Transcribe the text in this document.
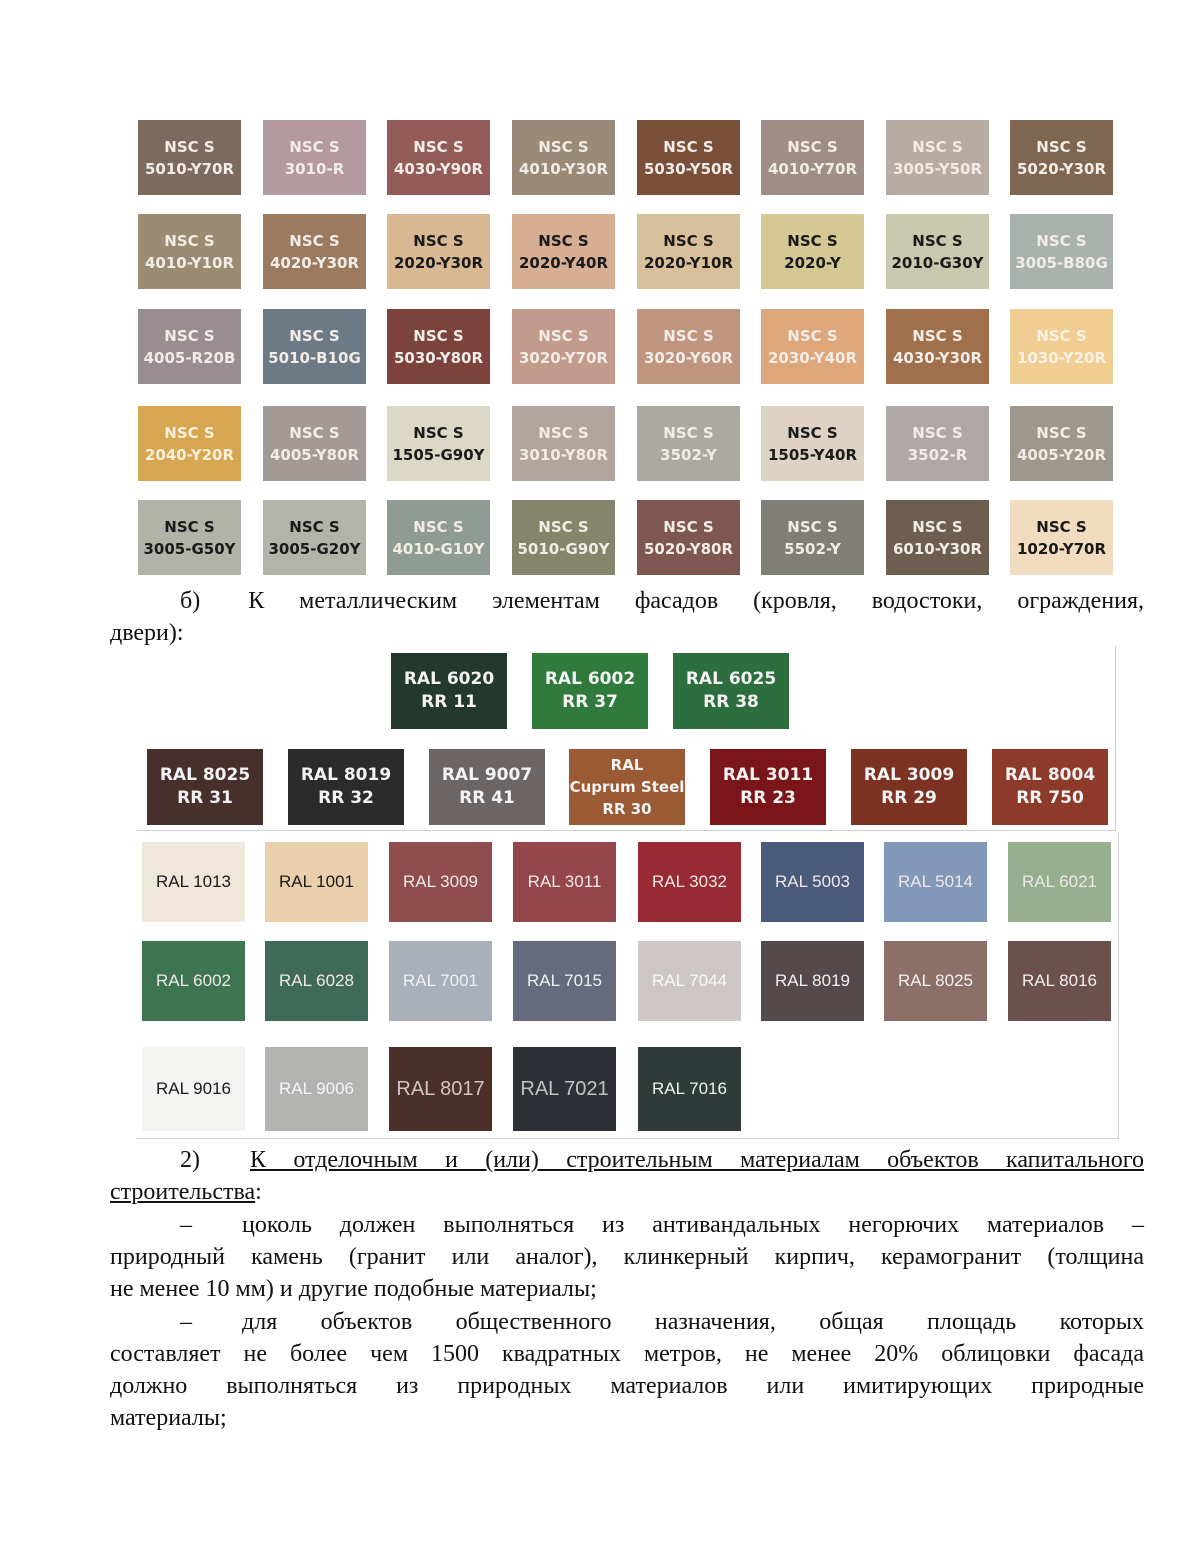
NSC S
5010-Y70R
NSC S
3010-R
NSC S
4030-Y90R
NSC S
4010-Y30R
NSC S
5030-Y50R
NSC S
4010-Y70R
NSC S
3005-Y50R
NSC S
5020-Y30R
NSC S
4010-Y10R
NSC S
4020-Y30R
NSC S
2020-Y30R
NSC S
2020-Y40R
NSC S
2020-Y10R
NSC S
2020-Y
NSC S
2010-G30Y
NSC S
3005-B80G
NSC S
4005-R20B
NSC S
5010-B10G
NSC S
5030-Y80R
NSC S
3020-Y70R
NSC S
3020-Y60R
NSC S
2030-Y40R
NSC S
4030-Y30R
NSC S
1030-Y20R
NSC S
2040-Y20R
NSC S
4005-Y80R
NSC S
1505-G90Y
NSC S
3010-Y80R
NSC S
3502-Y
NSC S
1505-Y40R
NSC S
3502-R
NSC S
4005-Y20R
NSC S
3005-G50Y
NSC S
3005-G20Y
NSC S
4010-G10Y
NSC S
5010-G90Y
NSC S
5020-Y80R
NSC S
5502-Y
NSC S
6010-Y30R
NSC S
1020-Y70R

б) К металлическим элементам фасадов (кровля, водостоки, ограждения,

двери):

RAL 6020
RR 11
RAL 6002
RR 37
RAL 6025
RR 38
RAL 8025
RR 31
RAL 8019
RR 32
RAL 9007
RR 41
RAL
Cuprum Steel
RR 30
RAL 3011
RR 23
RAL 3009
RR 29
RAL 8004
RR 750
RAL 1013	RAL 1001	RAL 3009	RAL 3011	RAL 3032	RAL 5003	RAL 5014	RAL 6021
RAL 6002	RAL 6028	RAL 7001	RAL 7015	RAL 7044	RAL 8019	RAL 8025	RAL 8016
RAL 9016	RAL 9006 RAL 8017 RAL 7021	RAL 7016

2) К отделочным и (или) строительным материалам объектов капитального

строительства:

– цоколь должен выполняться из антивандальных негорючих материалов –

природный камень (гранит или аналог), клинкерный кирпич, керамогранит (толщина

не менее 10 мм) и другие подобные материалы;

– для объектов общественного назначения, общая площадь которых

составляет не более чем 1500 квадратных метров, не менее 20% облицовки фасада

должно выполняться из природных материалов или имитирующих природные

материалы;
